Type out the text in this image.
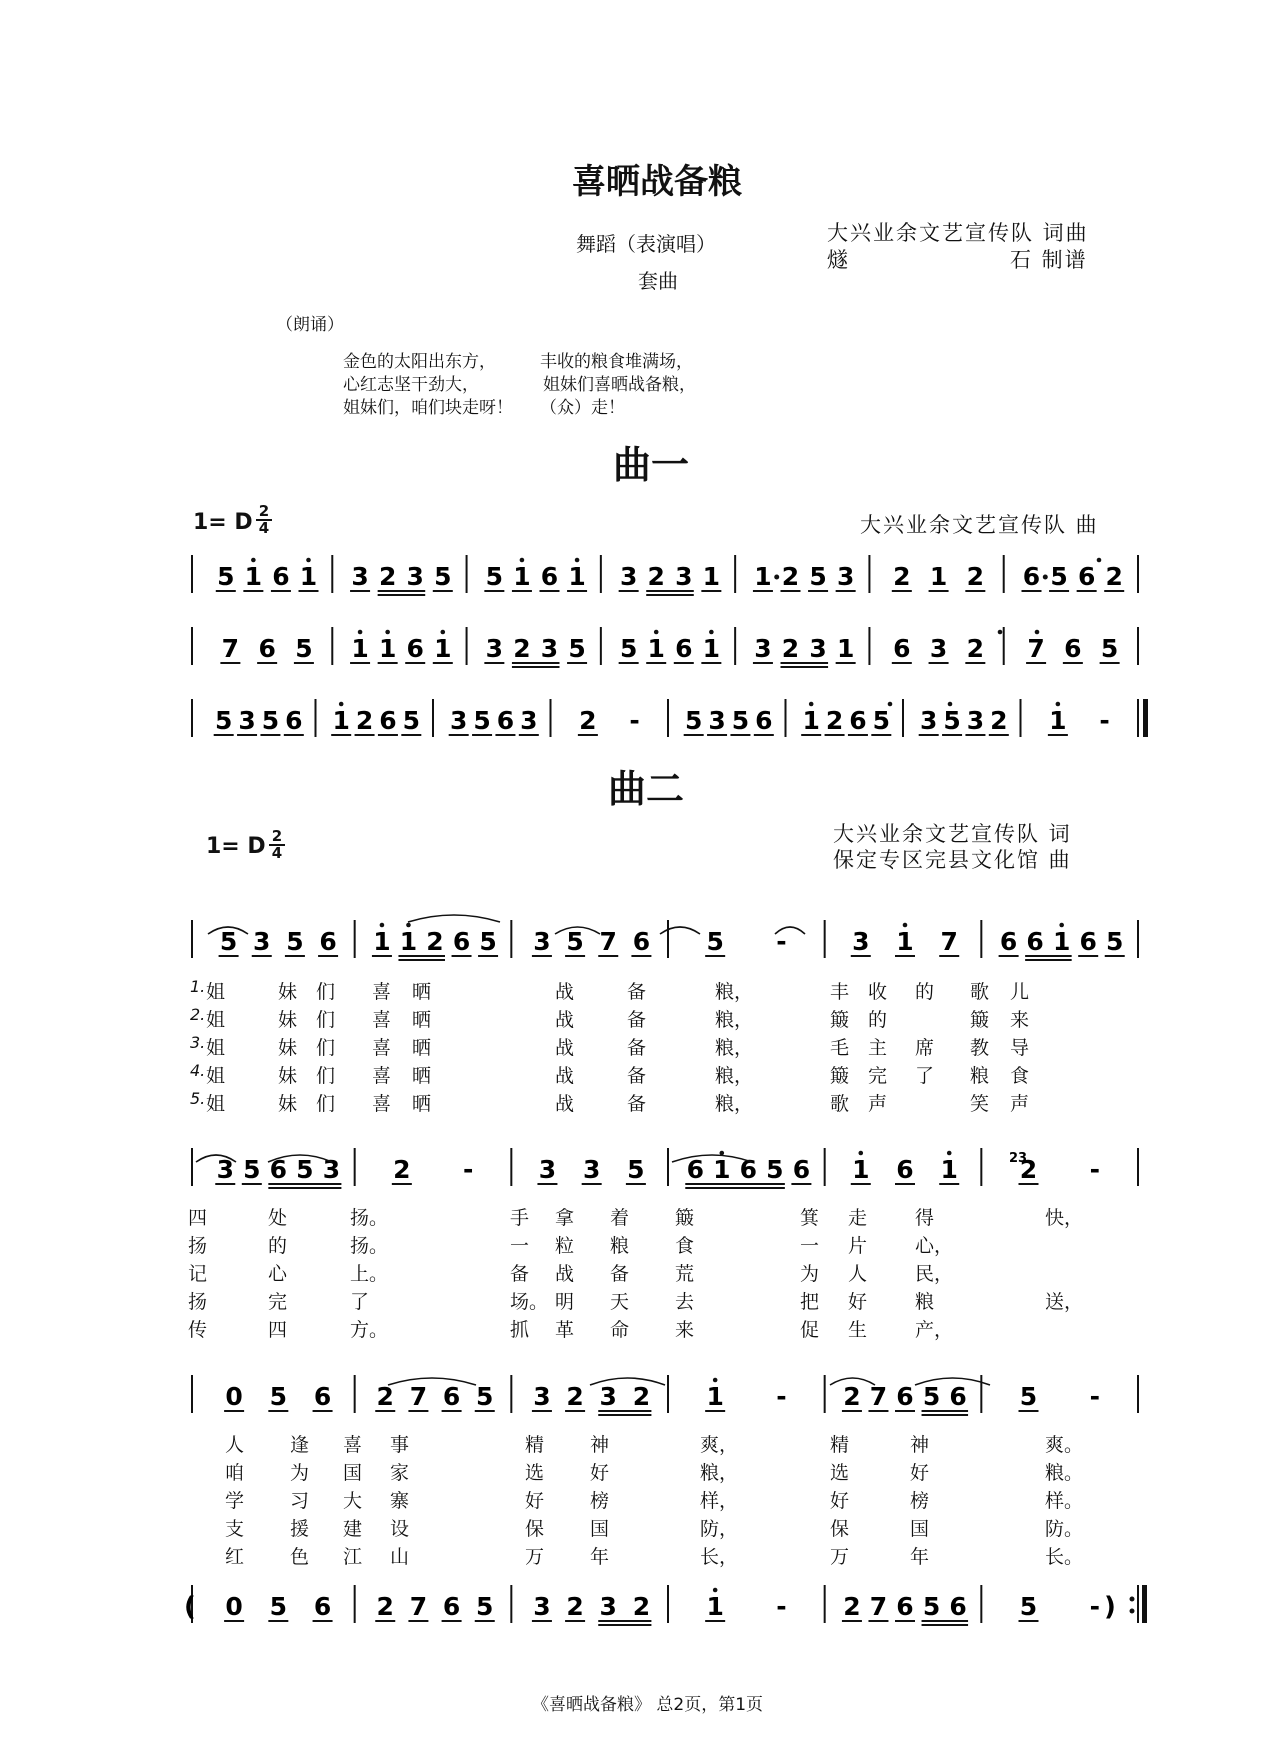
喜晒战备粮
舞蹈（表演唱）
套曲
大兴业余文艺宣传队 词曲
燧	石 制谱
（朗诵）
金色的太阳出东方，	丰收的粮食堆满场，
心红志坚干劲大，	姐妹们喜晒战备粮，
姐妹们，咱们块走呀！ （众）走！
曲一
1= D 2
4	大兴业余文艺宣传队 曲
曲二
1= D 2
4
大兴业余文艺宣传队 词
保定专区完县文化馆 曲
5 1 6 1 3 2 3 5 5 1 6 1 3 2 3 1 1 2 5 3 2 1 2 6 5 6 2
7 6 5 1 1 6 1 3 2 3 5 5 1 6 1 3 2 3 1 6 3 2 7 6 5
5 3 5 6 1 2 6 5 3 5 6 3 2 - 5 3 5 6 1 2 6 5 3 5 3 2 1 -
5 3 5 6 1 1 2 6 5 3 5 7 6 5 -	3 1 7 6 6 1 6 5
3 5 6 5 3 2 -	3 3 5 6 1 6 5 6 1 6 1 2 -
23
0 5 6 2 7 6 5 3 2 3 2 1 - 2 7 6 5 6 5 -
0 5 6 2 7 6 5 3 2 3 2 1 - 2 7 6 5 6 5 -
(	)
1. 姐	妹 们 喜 晒	战	备	粮，	丰 收 的 歌 儿
2. 姐	妹 们 喜 晒	战	备	粮，	簸 的	簸 来
3. 姐	妹 们 喜 晒	战	备	粮，	毛 主 席 教 导
4. 姐	妹 们 喜 晒	战	备	粮，	簸 完 了 粮 食
5. 姐	妹 们 喜 晒	战	备	粮，	歌 声	笑 声
四	处	扬。	手 拿 着 簸	箕 走	得	快，
扬	的	扬。	一 粒 粮 食	一 片	心，
记	心	上。	备 战 备 荒	为 人	民，
扬	完	了	场。 明 天 去	把 好	粮	送，
传	四	方。	抓 革 命 来	促 生	产，
人 逢 喜 事	精 神	爽，	精	神	爽。
咱 为 国 家	选 好	粮，	选	好	粮。
学 习 大 寨	好 榜	样，	好	榜	样。
支 援 建 设	保 国	防，	保	国	防。
红 色 江 山	万 年	长，	万	年	长。
《喜晒战备粮》 总2页，第1页
